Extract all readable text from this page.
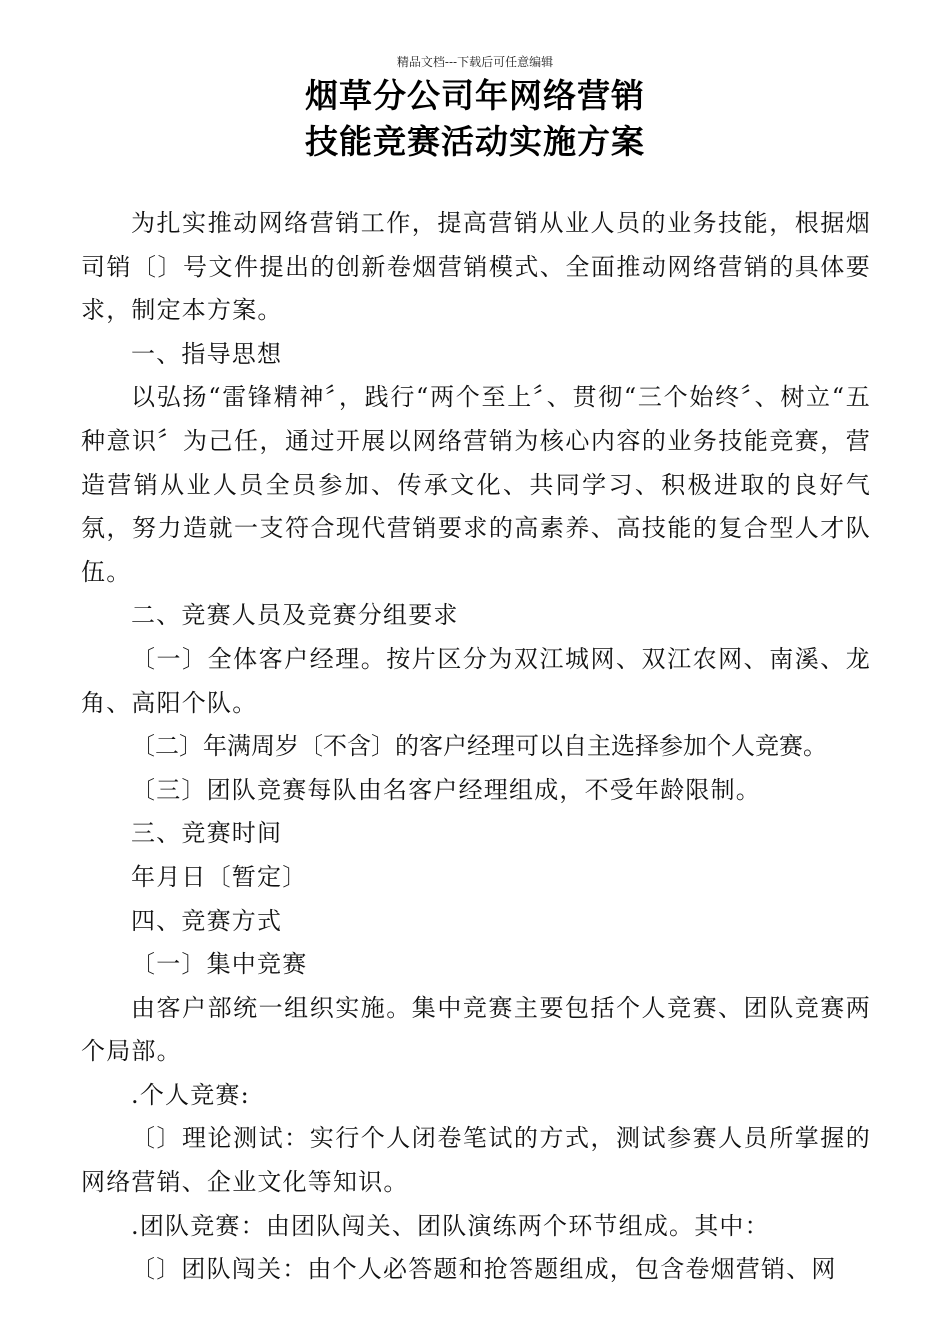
精品文档---下载后可任意编辑
烟草分公司年网络营销
技能竞赛活动实施方案

为扎实推动网络营销工作，提高营销从业人员的业务技能，根据烟司销〔〕号文件提出的创新卷烟营销模式、全面推动网络营销的具体要求，制定本方案。

一、指导思想

以弘扬“雷锋精神〞，践行“两个至上〞、贯彻“三个始终〞、树立“五种意识〞为己任，通过开展以网络营销为核心内容的业务技能竞赛，营造营销从业人员全员参加、传承文化、共同学习、积极进取的良好气氛，努力造就一支符合现代营销要求的高素养、高技能的复合型人才队伍。

二、竞赛人员及竞赛分组要求

〔一〕全体客户经理。按片区分为双江城网、双江农网、南溪、龙角、高阳个队。

〔二〕年满周岁〔不含〕的客户经理可以自主选择参加个人竞赛。

〔三〕团队竞赛每队由名客户经理组成，不受年龄限制。

三、竞赛时间

年月日〔暂定〕

四、竞赛方式

〔一〕集中竞赛

由客户部统一组织实施。集中竞赛主要包括个人竞赛、团队竞赛两个局部。

.个人竞赛:

〔〕理论测试：实行个人闭卷笔试的方式，测试参赛人员所掌握的网络营销、企业文化等知识。

.团队竞赛：由团队闯关、团队演练两个环节组成。其中：

〔〕团队闯关：由个人必答题和抢答题组成，包含卷烟营销、网
